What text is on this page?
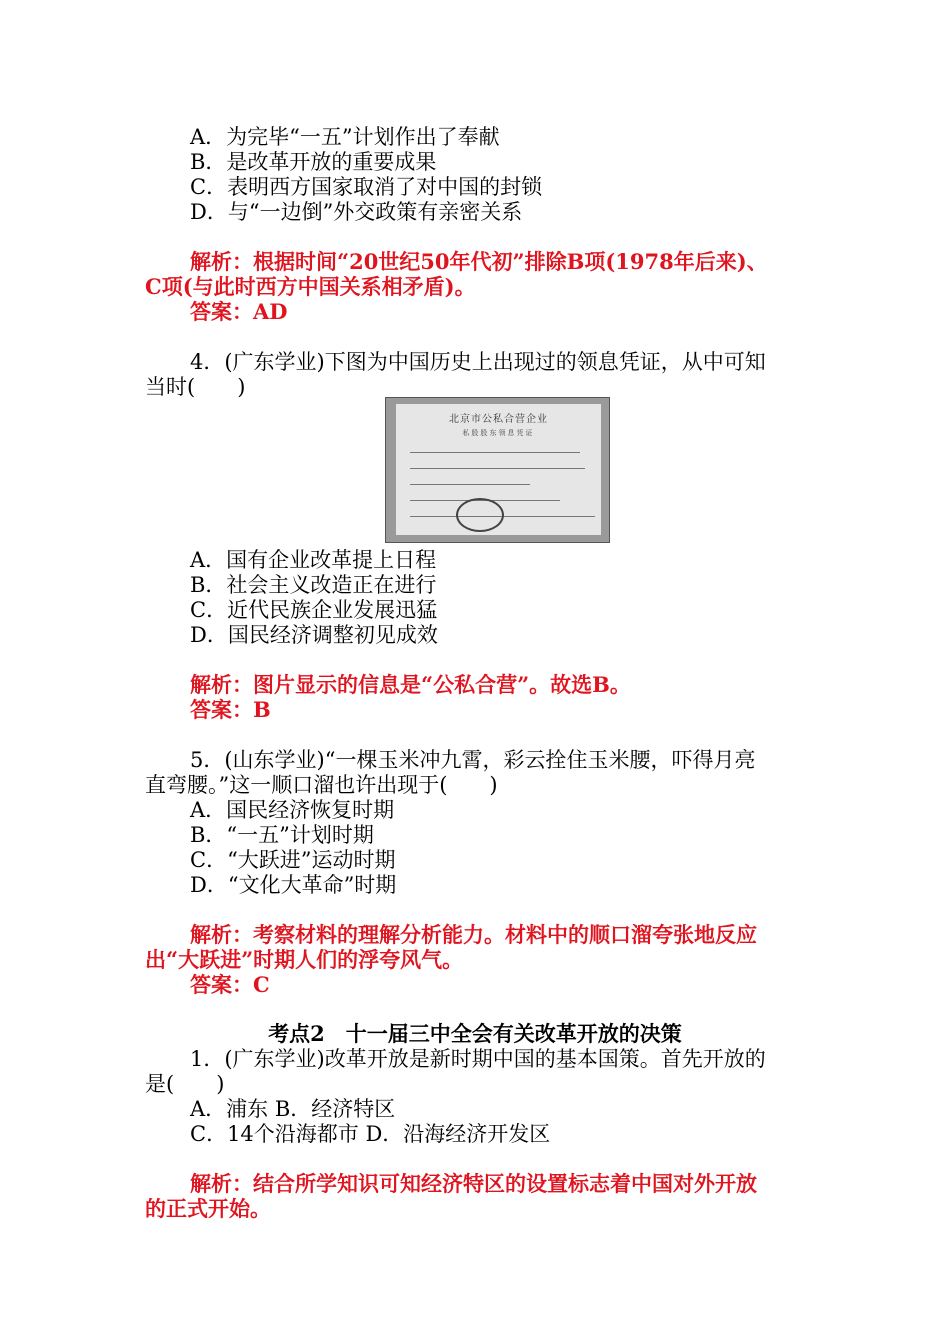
A．为完毕“一五”计划作出了奉献
B．是改革开放的重要成果
C．表明西方国家取消了对中国的封锁
D．与“一边倒”外交政策有亲密关系
解析：根据时间“20世纪50年代初”排除B项(1978年后来)、
C项(与此时西方中国关系相矛盾)。
答案：AD
4．(广东学业)下图为中国历史上出现过的领息凭证，从中可知
当时(　　)
北京市公私合营企业
私股股东领息凭证
A．国有企业改革提上日程
B．社会主义改造正在进行
C．近代民族企业发展迅猛
D．国民经济调整初见成效
解析：图片显示的信息是“公私合营”。故选B。
答案：B
5．(山东学业)“一棵玉米冲九霄，彩云拴住玉米腰，吓得月亮
直弯腰。”这一顺口溜也许出现于(　　)
A．国民经济恢复时期
B．“一五”计划时期
C．“大跃进”运动时期
D．“文化大革命”时期
解析：考察材料的理解分析能力。材料中的顺口溜夸张地反应
出“大跃进”时期人们的浮夸风气。
答案：C
考点2　十一届三中全会有关改革开放的决策
1．(广东学业)改革开放是新时期中国的基本国策。首先开放的
是(　　)
A．浦东 B．经济特区
C．14个沿海都市 D．沿海经济开发区
解析：结合所学知识可知经济特区的设置标志着中国对外开放
的正式开始。
